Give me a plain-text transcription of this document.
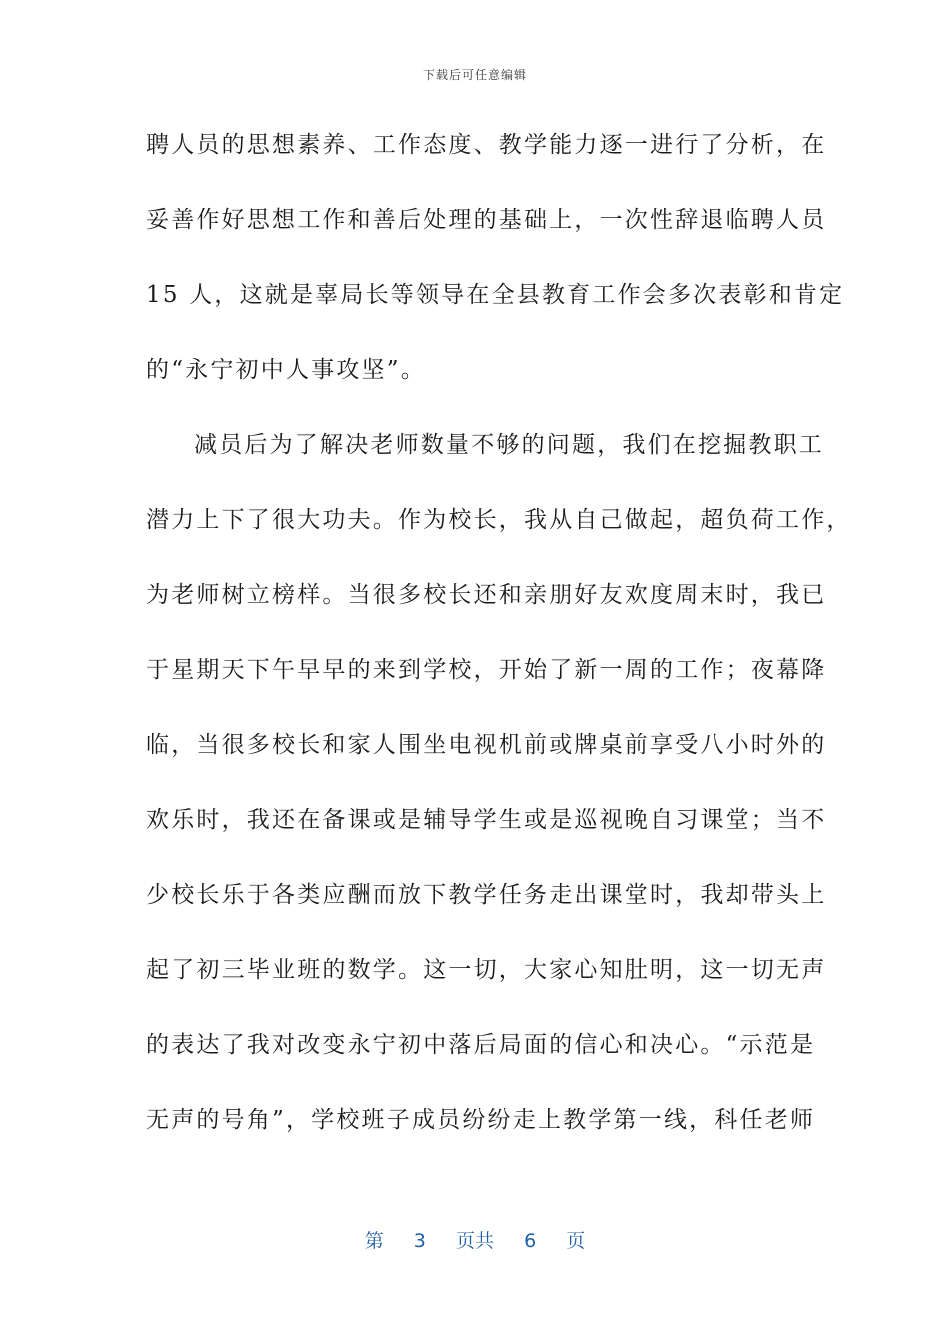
下载后可任意编辑
聘人员的思想素养、工作态度、教学能力逐一进行了分析，在
妥善作好思想工作和善后处理的基础上，一次性辞退临聘人员
15 人，这就是辜局长等领导在全县教育工作会多次表彰和肯定
的“永宁初中人事攻坚”。
减员后为了解决老师数量不够的问题，我们在挖掘教职工
潜力上下了很大功夫。作为校长，我从自己做起，超负荷工作，
为老师树立榜样。当很多校长还和亲朋好友欢度周末时，我已
于星期天下午早早的来到学校，开始了新一周的工作；夜幕降
临，当很多校长和家人围坐电视机前或牌桌前享受八小时外的
欢乐时，我还在备课或是辅导学生或是巡视晚自习课堂；当不
少校长乐于各类应酬而放下教学任务走出课堂时，我却带头上
起了初三毕业班的数学。这一切，大家心知肚明，这一切无声
的表达了我对改变永宁初中落后局面的信心和决心。“示范是
无声的号角”，学校班子成员纷纷走上教学第一线，科任老师
第 3 页共 6 页
